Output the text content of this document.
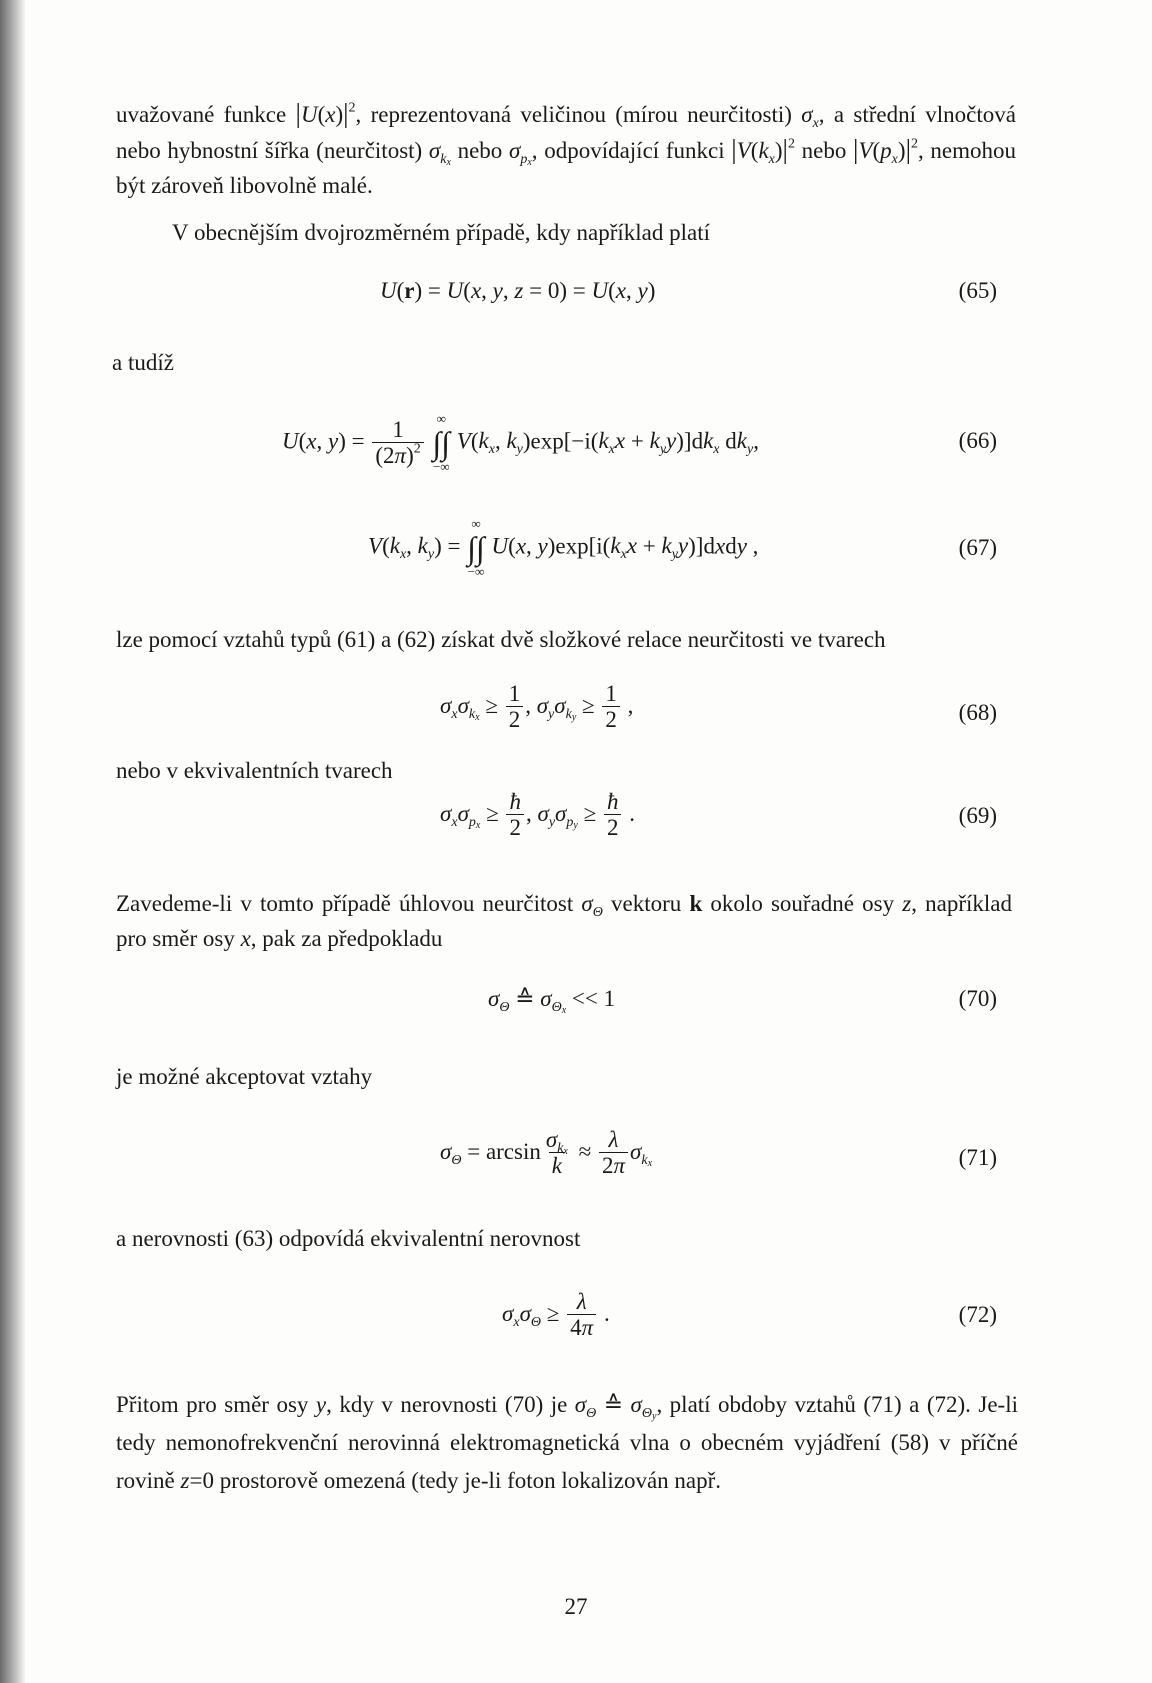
uvažované funkce $|U(x)|^2$, reprezentovaná veličinou (mírou neurčitosti) $\sigma_x$, a střední vlnočtová nebo hybnostní šířka (neurčitost) $\sigma_{kx}$ nebo $\sigma_{px}$, odpovídající funkci $|V(k_x)|^2$ nebo $|V(p_x)|^2$, nemohou být zároveň libovolně malé.
V obecnějším dvojrozměrném případě, kdy například platí
U(r) = U(x, y, z = 0) = U(x, y)	(65)
a tudíž
U(x, $y) = \frac{1}{(2\pi)^2}$
∞
∫∫
−∞
$V(k_x$, $k_y)\exp[-i(k_xx + k_yy)]dk_x$ $dk_y$,	(66)
$V(k_x$, $k_y$) =
∞
∫∫
−∞
U(x, $y)\exp[i(k_xx$ + $k_yy)]dxdy$ ,	(67)
lze pomocí vztahů typů (61) a (62) získat dvě složkové relace neurčitosti ve tvarech
$\sigma_x\sigma_{kx} \ge \frac{1}{2}$ , $\sigma_y\sigma_{ky} \ge \frac{1}{2}$ ,	(68)
nebo v ekvivalentních tvarech
$\sigma_x\sigma_{px} \ge \frac{ħ}{2}$ , $\sigma_y\sigma_{py} \ge \frac{ħ}{2}$ .	(69)
Zavedeme-li v tomto případě úhlovou neurčitost $\sigma_\Theta$ vektoru k okolo souřadné osy z, například pro směr osy x, pak za předpokladu
$\sigma_\Theta$ ≙ $\sigma_{\Theta x} << 1$	(70)
je možné akceptovat vztahy
$\sigma_\Theta = \arcsin \frac{\sigma_{kx}}{k} \approx \frac{\lambda}{2\pi} \sigma_{kx}$	(71)
a nerovnosti (63) odpovídá ekvivalentní nerovnost
$\sigma_x\sigma_\Theta \ge \frac{\lambda}{4\pi}$ .	(72)
Přitom pro směr osy y, kdy v nerovnosti (70) je $\sigma_\Theta$ ≙ $\sigma_{\Theta y}$, platí obdoby vztahů (71) a (72). Je-li tedy nemonofrekvenční nerovinná elektromagnetická vlna o obecném vyjádření (58) v příčné rovině z=0 prostorově omezená (tedy je-li foton lokalizován např.
27
